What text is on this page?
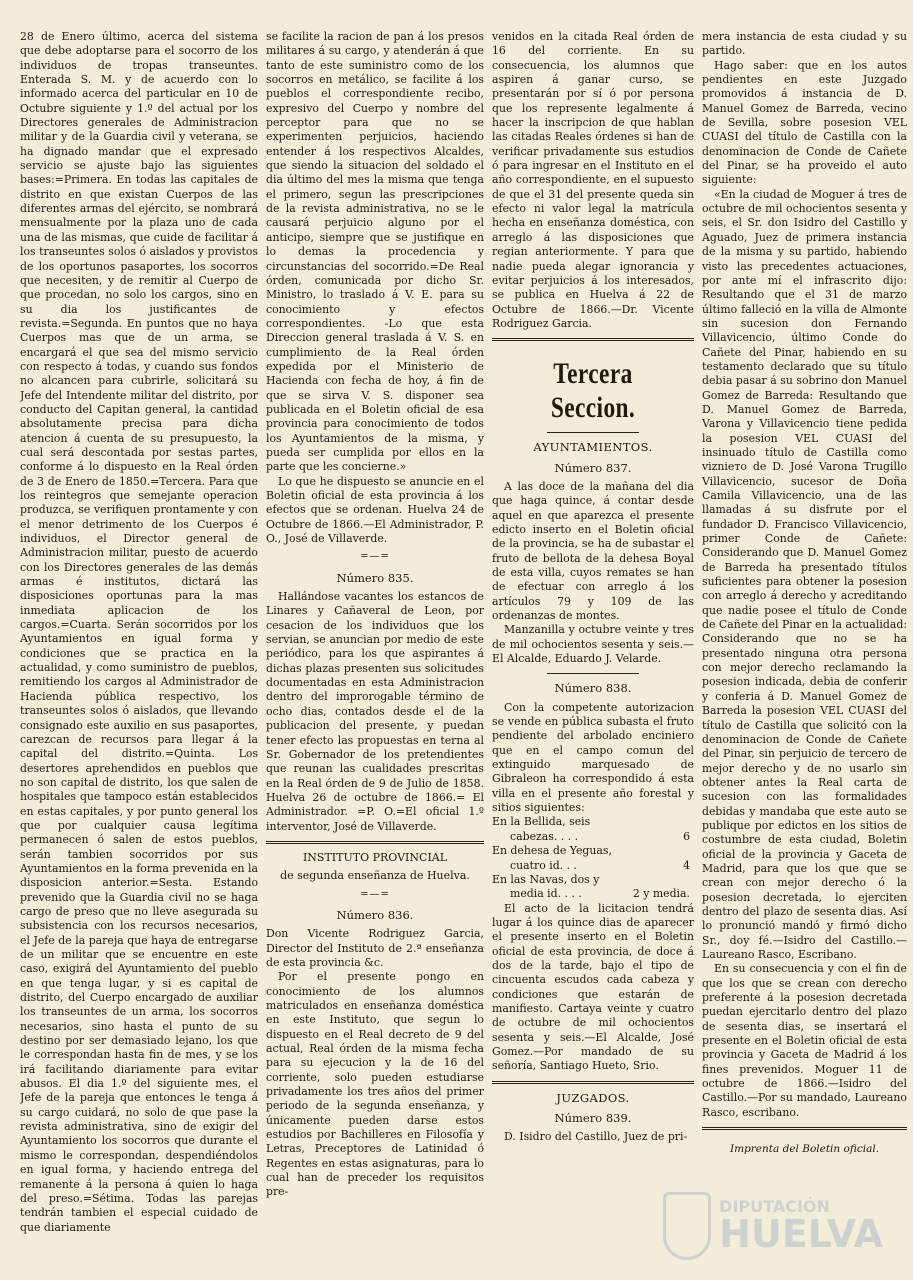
28 de Enero último, acerca del sistema que debe adoptarse para el socorro de los individuos de tropas transeuntes. Enterada S. M. y de acuerdo con lo informado acerca del particular en 10 de Octubre siguiente y 1.º del actual por los Directores generales de Administracion militar y de la Guardia civil y veterana, se ha dignado mandar que el expresado servicio se ajuste bajo las siguientes bases:=Primera. En todas las capitales de distrito en que existan Cuerpos de las diferentes armas del ejército, se nombrará mensualmente por la plaza uno de cada una de las mismas, que cuide de facilitar á los transeuntes solos ó aislados y provistos de los oportunos pasaportes, los socorros que necesiten, y de remitir al Cuerpo de que procedan, no solo los cargos, sino en su dia los justificantes de revista.=Segunda. En puntos que no haya Cuerpos mas que de un arma, se encargará el que sea del mismo servicio con respecto á todas, y cuando sus fondos no alcancen para cubrirle, solicitará su Jefe del Intendente militar del distrito, por conducto del Capitan general, la cantidad absolutamente precisa para dicha atencion á cuenta de su presupuesto, la cual será descontada por sestas partes, conforme á lo dispuesto en la Real órden de 3 de Enero de 1850.=Tercera. Para que los reintegros que semejante operacion produzca, se verifiquen prontamente y con el menor detrimento de los Cuerpos é individuos, el Director general de Administracion militar, puesto de acuerdo con los Directores generales de las demás armas é institutos, dictará las disposiciones oportunas para la mas inmediata aplicacion de los cargos.=Cuarta. Serán socorridos por los Ayuntamientos en igual forma y condiciones que se practica en la actualidad, y como suministro de pueblos, remitiendo los cargos al Administrador de Hacienda pública respectivo, los transeuntes solos ó aislados, que llevando consignado este auxilio en sus pasaportes, carezcan de recursos para llegar á la capital del distrito.=Quinta. Los desertores aprehendidos en pueblos que no son capital de distrito, los que salen de hospitales que tampoco están establecidos en estas capitales, y por punto general los que por cualquier causa legítima permanecen ó salen de estos pueblos, serán tambien socorridos por sus Ayuntamientos en la forma prevenida en la disposicion anterior.=Sesta. Estando prevenido que la Guardia civil no se haga cargo de preso que no lleve asegurada su subsistencia con los recursos necesarios, el Jefe de la pareja que haya de entregarse de un militar que se encuentre en este caso, exigirá del Ayuntamiento del pueblo en que tenga lugar, y si es capital de distrito, del Cuerpo encargado de auxiliar los transeuntes de un arma, los socorros necesarios, sino hasta el punto de su destino por ser demasiado lejano, los que le correspondan hasta fin de mes, y se los irá facilitando diariamente para evitar abusos. El dia 1.º del siguiente mes, el Jefe de la pareja que entonces le tenga á su cargo cuidará, no solo de que pase la revista administrativa, sino de exigir del Ayuntamiento los socorros que durante el mismo le correspondan, despendiéndolos en igual forma, y haciendo entrega del remanente á la persona á quien lo haga del preso.=Sétima. Todas las parejas tendrán tambien el especial cuidado de que diariamente

se facilite la racion de pan á los presos militares á su cargo, y atenderán á que tanto de este suministro como de los socorros en metálico, se facilite á los pueblos el correspondiente recibo, expresivo del Cuerpo y nombre del perceptor para que no se experimenten perjuicios, haciendo entender á los respectivos Alcaldes, que siendo la situacion del soldado el dia último del mes la misma que tenga el primero, segun las prescripciones de la revista administrativa, no se le causará perjuicio alguno por el anticipo, siempre que se justifique en lo demas la procedencia y circunstancias del socorrido.=De Real órden, comunicada por dicho Sr. Ministro, lo traslado á V. E. para su conocimiento y efectos correspondientes. -Lo que esta Direccion general traslada á V. S. en cumplimiento de la Real órden expedida por el Ministerio de Hacienda con fecha de hoy, á fin de que se sirva V. S. disponer sea publicada en el Boletin oficial de esa provincia para conocimiento de todos los Ayuntamientos de la misma, y pueda ser cumplida por ellos en la parte que les concierne.»

Lo que he dispuesto se anuncie en el Boletin oficial de esta provincia á los efectos que se ordenan. Huelva 24 de Octubre de 1866.—El Administrador, P. O., José de Villaverde.

=—=
Número 835.

Hallándose vacantes los estancos de Linares y Cañaveral de Leon, por cesacion de los individuos que los servian, se anuncian por medio de este periódico, para los que aspirantes á dichas plazas presenten sus solicitudes documentadas en esta Administracion dentro del improrogable término de ocho dias, contados desde el de la publicacion del presente, y puedan tener efecto las propuestas en terna al Sr. Gobernador de los pretendientes que reunan las cualidades prescritas en la Real órden de 9 de Julio de 1858. Huelva 26 de octubre de 1866.= El Administrador. =P. O.=El oficial 1.º interventor, José de Villaverde.

INSTITUTO PROVINCIAL
de segunda enseñanza de Huelva.
=—=
Número 836.

Don Vicente Rodriguez Garcia, Director del Instituto de 2.ª enseñanza de esta provincia &c.

Por el presente pongo en conocimiento de los alumnos matriculados en enseñanza doméstica en este Instituto, que segun lo dispuesto en el Real decreto de 9 del actual, Real órden de la misma fecha para su ejecucion y la de 16 del corriente, solo pueden estudiarse privadamente los tres años del primer periodo de la segunda enseñanza, y únicamente pueden darse estos estudios por Bachilleres en Filosofía y Letras, Preceptores de Latinidad ó Regentes en estas asignaturas, para lo cual han de preceder los requisitos pre-

venidos en la citada Real órden de 16 del corriente. En su consecuencia, los alumnos que aspiren á ganar curso, se presentarán por sí ó por persona que los represente legalmente á hacer la inscripcion de que hablan las citadas Reales órdenes si han de verificar privadamente sus estudios ó para ingresar en el Instituto en el año correspondiente, en el supuesto de que el 31 del presente queda sin efecto ni valor legal la matrícula hecha en enseñanza doméstica, con arreglo á las disposiciones que regian anteriormente. Y para que nadie pueda alegar ignorancia y evitar perjuicios á los interesados, se publica en Huelva á 22 de Octubre de 1866.—Dr. Vicente Rodriguez Garcia.

Tercera Seccion.
AYUNTAMIENTOS.
Número 837.

A las doce de la mañana del dia que haga quince, á contar desde aquel en que aparezca el presente edicto inserto en el Boletin oficial de la provincia, se ha de subastar el fruto de bellota de la dehesa Boyal de esta villa, cuyos remates se han de efectuar con arreglo á los artículos 79 y 109 de las ordenanzas de montes.

Manzanilla y octubre veinte y tres de mil ochocientos sesenta y seis.—El Alcalde, Eduardo J. Velarde.

Número 838.

Con la competente autorizacion se vende en pública subasta el fruto pendiente del arbolado encinieго que en el campo comun del extinguido marquesado de Gibraleon ha correspondido á esta villa en el presente año forestal y sitios siguientes:

En la Bellida, seis	
cabezas. . . .	6
En dehesa de Yeguas,	
cuatro id. . .	4
En las Navas, dos y	
media id. . . .	2 y media.

El acto de la licitacion tendrá lugar á los quince dias de aparecer el presente inserto en el Boletin oficial de esta provincia, de doce á dos de la tarde, bajo el tipo de cincuenta escudos cada cabeza y condiciones que estarán de manifiesto. Cartaya veinte y cuatro de octubre de mil ochocientos sesenta y seis.—El Alcalde, José Gomez.—Por mandado de su señoría, Santiago Hueto, Srio.

JUZGADOS.
Número 839.

D. Isidro del Castillo, Juez de pri-

mera instancia de esta ciudad y su partido.

Hago saber: que en los autos pendientes en este Juzgado promovidos á instancia de D. Manuel Gomez de Barreda, vecino de Sevilla, sobre posesion VEL CUASI del título de Castilla con la denominacion de Conde de Cañete del Pinar, se ha proveido el auto siguiente:

«En la ciudad de Moguer á tres de octubre de mil ochocientos sesenta y seis, el Sr. don Isidro del Castillo y Aguado, Juez de primera instancia de la misma y su partido, habiendo visto las precedentes actuaciones, por ante mí el infrascrito dijo: Resultando que el 31 de marzo último falleció en la villa de Almonte sin sucesion don Fernando Villavicencio, último Conde do Cañete del Pinar, habiendo en su testamento declarado que su título debia pasar á su sobrino don Manuel Gomez de Barreda: Resultando que D. Manuel Gomez de Barreda, Varona y Villavicencio tiene pedida la posesion VEL CUASI del insinuado título de Castilla como vizniето de D. José Varona Trugillo Villavicencio, sucesor de Doña Camila Villavicencio, una de las llamadas á su disfrute por el fundador D. Francisco Villavicencio, primer Conde de Cañete: Considerando que D. Manuel Gomez de Barreda ha presentado títulos suficientes para obtener la posesion con arreglo á derecho y acreditando que nadie posee el título de Conde de Cañete del Pinar en la actualidad: Considerando que no se ha presentado ninguna otra persona con mejor derecho reclamando la posesion indicada, debia de conferir y conferia á D. Manuel Gomez de Barreda la posesion VEL CUASI del título de Castilla que solicitó con la denominacion de Conde de Cañete del Pinar, sin perjuicio de tercero de mejor derecho y de no usarlo sin obtener antes la Real carta de sucesion con las formalidades debidas y mandaba que este auto se publique por edictos en los sitios de costumbre de esta ciudad, Boletin oficial de la provincia y Gaceta de Madrid, para que los que que se crean con mejor derecho ó la posesion decretada, lo ejerciten dentro del plazo de sesenta dias. Así lo pronunció mandó y firmó dicho Sr., doy fé.—Isidro del Castillo.—Laureano Rasco, Escribano.

En su consecuencia y con el fin de que los que se crean con derecho preferente á la posesion decretada puedan ejercitarlo dentro del plazo de sesenta dias, se insertará el presente en el Boletin oficial de esta provincia y Gaceta de Madrid á los fines prevenidos. Moguer 11 de octubre de 1866.—Isidro del Castillo.—Por su mandado, Laureano Rasco, escribano.

Imprenta del Boletin oficial.
DIPUTACIÓN
HUELVA
